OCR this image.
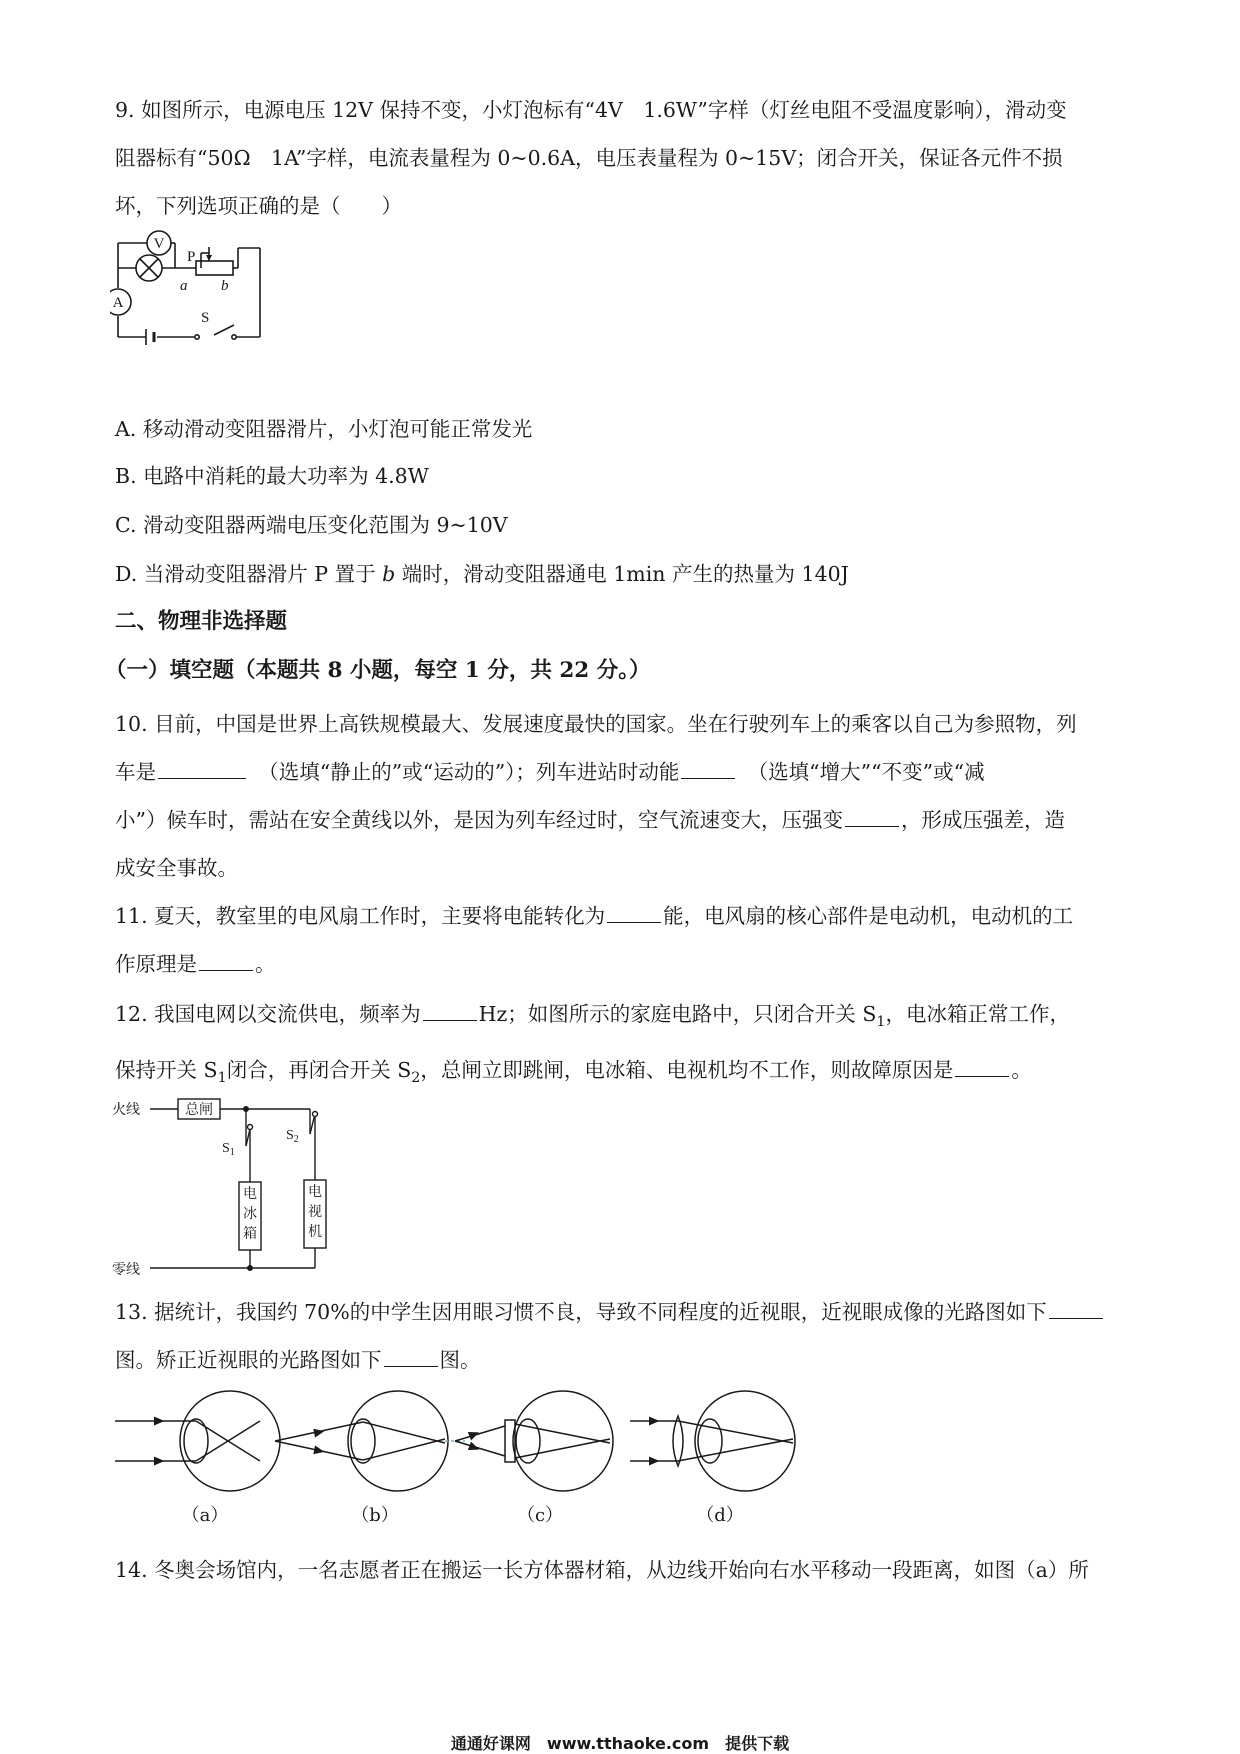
9. 如图所示，电源电压 12V 保持不变，小灯泡标有“4V　1.6W”字样（灯丝电阻不受温度影响），滑动变
阻器标有“50Ω　1A”字样，电流表量程为 0~0.6A，电压表量程为 0~15V；闭合开关，保证各元件不损
坏，下列选项正确的是（　　）
V
A
P
a b
S
A. 移动滑动变阻器滑片，小灯泡可能正常发光
B. 电路中消耗的最大功率为 4.8W
C. 滑动变阻器两端电压变化范围为 9~10V
D. 当滑动变阻器滑片 P 置于 b 端时，滑动变阻器通电 1min 产生的热量为 140J
二、物理非选择题
（一）填空题（本题共 8 小题，每空 1 分，共 22 分。）
10. 目前，中国是世界上高铁规模最大、发展速度最快的国家。坐在行驶列车上的乘客以自己为参照物，列
车是　	（选填“静止的”或“运动的”）；列车进站时动能　	（选填“增大”“不变”或“减
小”）候车时，需站在安全黄线以外，是因为列车经过时，空气流速变大，压强变	，形成压强差，造
成安全事故。
11. 夏天，教室里的电风扇工作时，主要将电能转化为	能，电风扇的核心部件是电动机，电动机的工
作原理是	。
12. 我国电网以交流供电，频率为	Hz；如图所示的家庭电路中，只闭合开关 $S_1$，电冰箱正常工作，
保持开关 $S_1$闭合，再闭合开关 $S_2$，总闸立即跳闸，电冰箱、电视机均不工作，则故障原因是	。
火线
零线
总闸
电
冰
箱
电
视
机
$S_1$
$S_2$
13. 据统计，我国约 70%的中学生因用眼习惯不良，导致不同程度的近视眼，近视眼成像的光路图如下
图。矫正近视眼的光路图如下	图。
（a）	（b）	（c）	（d）
14. 冬奥会场馆内，一名志愿者正在搬运一长方体器材箱，从边线开始向右水平移动一段距离，如图（a）所
通通好课网　www.tthaoke.com　提供下载
